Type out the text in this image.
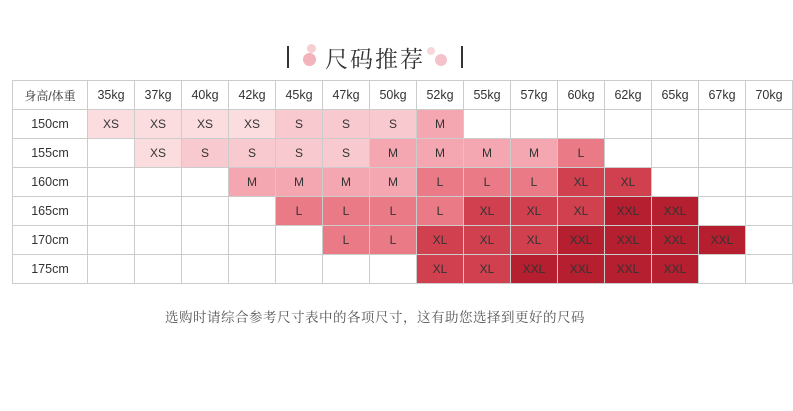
尺码推荐
身高/体重	35kg	37kg	40kg	42kg	45kg	47kg	50kg	52kg	55kg	57kg	60kg	62kg	65kg	67kg	70kg
150cm	XS	XS	XS	XS	S	S	S	M							
155cm		XS	S	S	S	S	M	M	M	M	L				
160cm				M	M	M	M	L	L	L	XL	XL			
165cm					L	L	L	L	XL	XL	XL	XXL	XXL		
170cm						L	L	XL	XL	XL	XXL	XXL	XXL	XXL	
175cm								XL	XL	XXL	XXL	XXL	XXL		
选购时请综合参考尺寸表中的各项尺寸，这有助您选择到更好的尺码
